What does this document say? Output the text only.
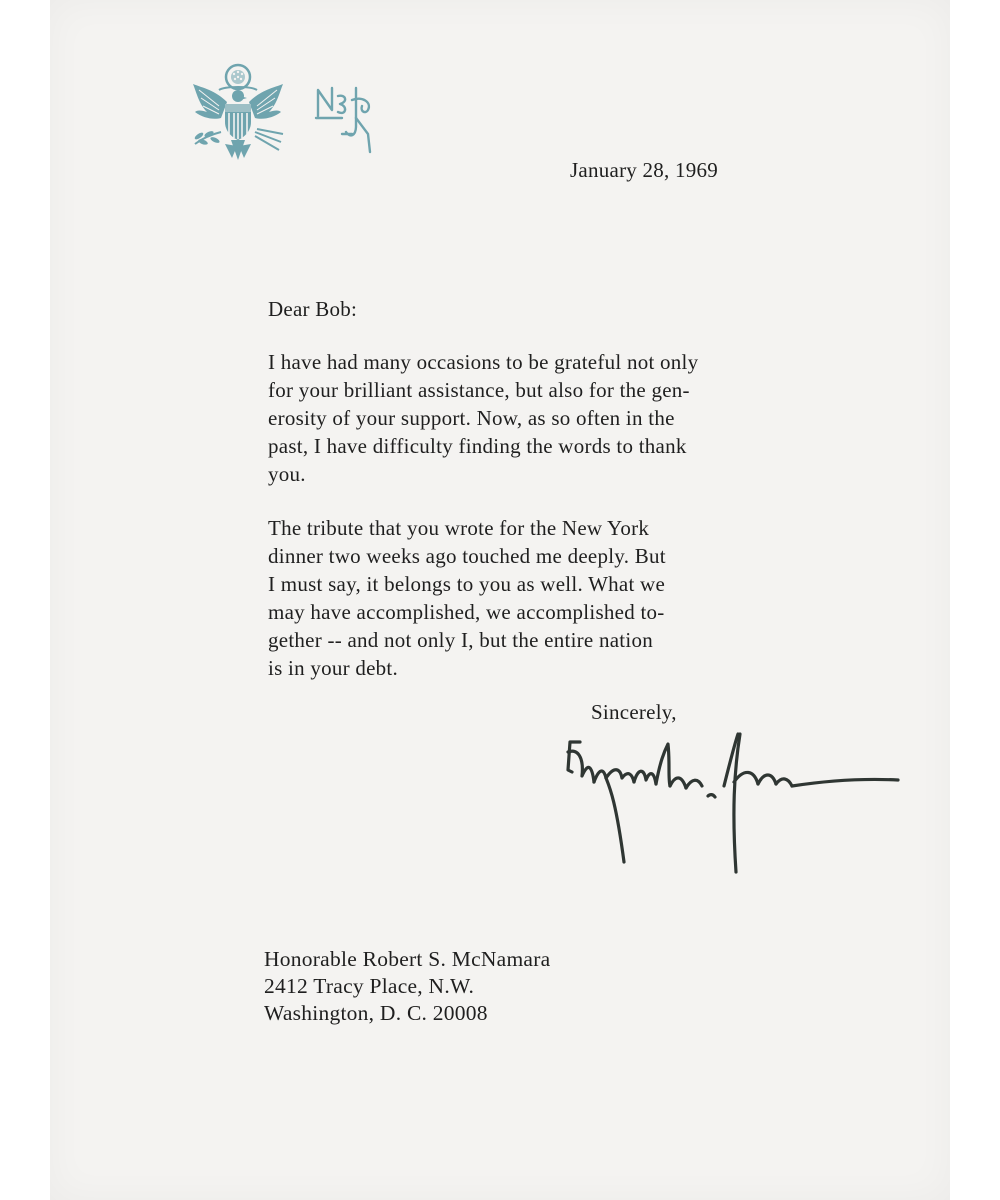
January 28, 1969

Dear Bob:

I have had many occasions to be grateful not only
for your brilliant assistance, but also for the gen-
erosity of your support. Now, as so often in the
past, I have difficulty finding the words to thank
you.
The tribute that you wrote for the New York
dinner two weeks ago touched me deeply. But
I must say, it belongs to you as well. What we
may have accomplished, we accomplished to-
gether -- and not only I, but the entire nation
is in your debt.

Sincerely,

Honorable Robert S. McNamara
2412 Tracy Place, N.W.
Washington, D. C. 20008
